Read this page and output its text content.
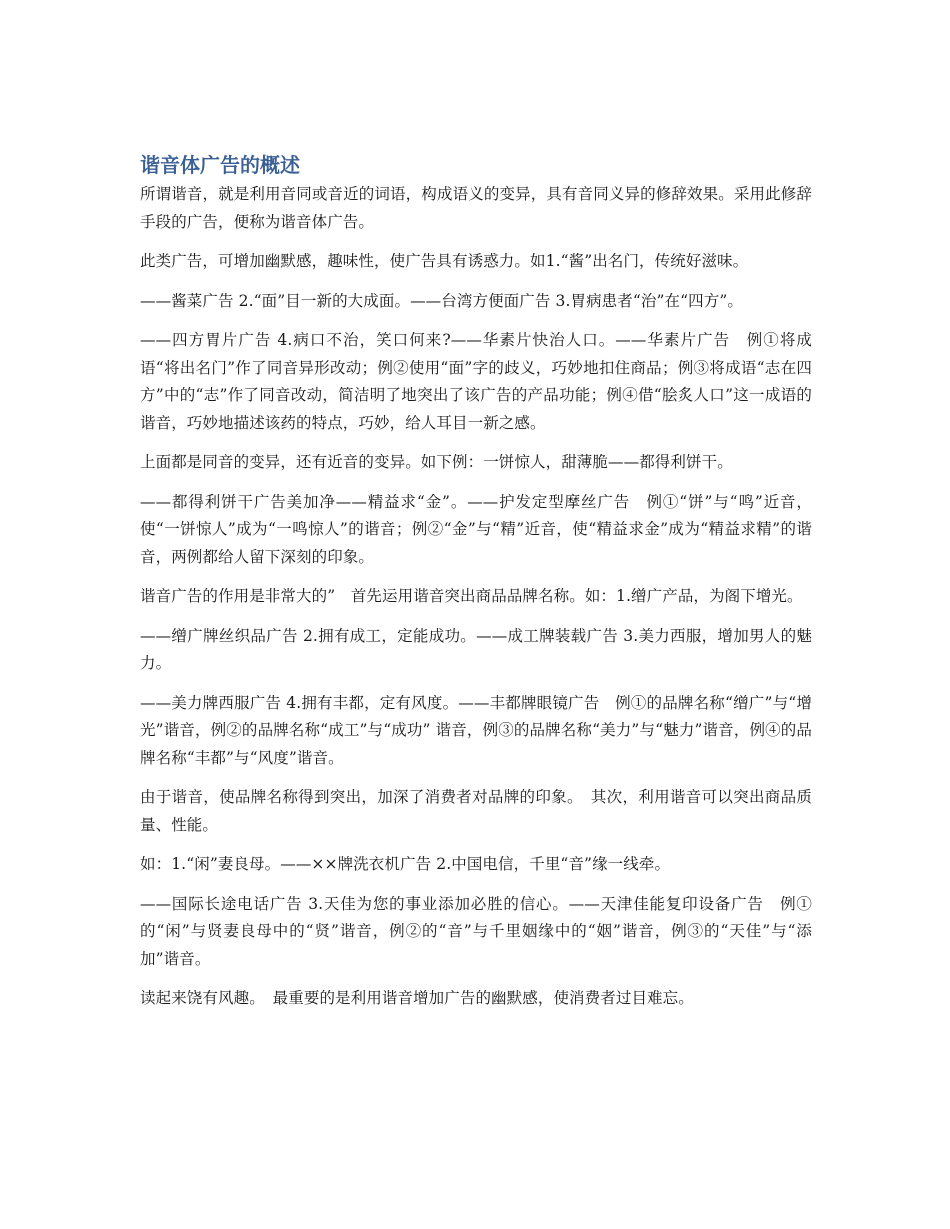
谐音体广告的概述

所谓谐音，就是利用音同或音近的词语，构成语义的变异，具有音同义异的修辞效果。采用此修辞手段的广告，便称为谐音体广告。

此类广告，可增加幽默感，趣味性，使广告具有诱惑力。如1.“酱”出名门，传统好滋味。

——酱菜广告 2.“面”目一新的大成面。——台湾方便面广告 3.胃病患者“治”在“四方”。

——四方胃片广告 4.病口不治，笑口何来?——华素片快治人口。——华素片广告　例①将成语“将出名门”作了同音异形改动；例②使用“面”字的歧义，巧妙地扣住商品；例③将成语“志在四方”中的“志”作了同音改动，简洁明了地突出了该广告的产品功能；例④借“脍炙人口”这一成语的谐音，巧妙地描述该药的特点，巧妙，给人耳目一新之感。

上面都是同音的变异，还有近音的变异。如下例：一饼惊人，甜薄脆——都得利饼干。

——都得利饼干广告美加净——精益求“金”。——护发定型摩丝广告　例①“饼”与“鸣”近音，使“一饼惊人”成为“一鸣惊人”的谐音；例②“金”与“精”近音，使“精益求金”成为“精益求精”的谐音，两例都给人留下深刻的印象。

谐音广告的作用是非常大的”　首先运用谐音突出商品品牌名称。如：1.缯广产品，为阁下增光。

——缯广牌丝织品广告 2.拥有成工，定能成功。——成工牌装载广告 3.美力西服，增加男人的魅力。

——美力牌西服广告 4.拥有丰都，定有风度。——丰都牌眼镜广告　例①的品牌名称“缯广”与“增光”谐音，例②的品牌名称“成工”与“成功” 谐音，例③的品牌名称“美力”与“魅力”谐音，例④的品牌名称“丰都”与“风度”谐音。

由于谐音，使品牌名称得到突出，加深了消费者对品牌的印象。　其次，利用谐音可以突出商品质量、性能。

如：1.“闲”妻良母。——××牌洗衣机广告 2.中国电信，千里“音”缘一线牵。

——国际长途电话广告 3.天佳为您的事业添加必胜的信心。——天津佳能复印设备广告　例①的“闲”与贤妻良母中的“贤”谐音，例②的“音”与千里姻缘中的“姻”谐音，例③的“天佳”与“添加”谐音。

读起来饶有风趣。　最重要的是利用谐音增加广告的幽默感，使消费者过目难忘。
